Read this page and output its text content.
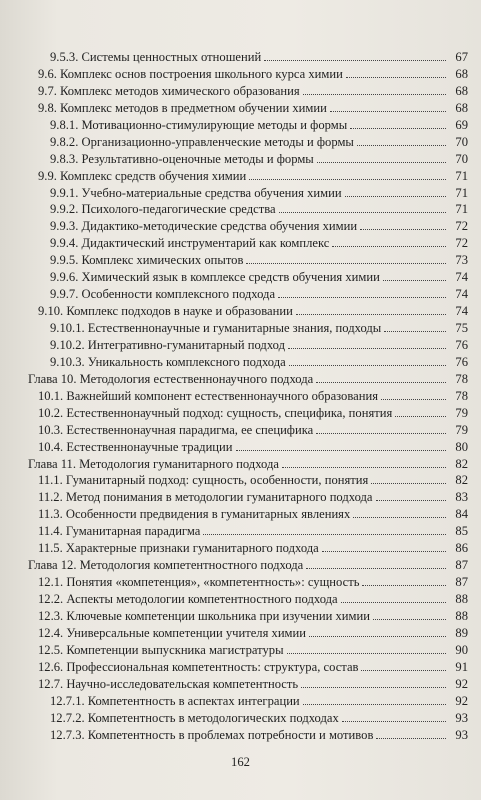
9.5.3. Системы ценностных отношений	67
9.6. Комплекс основ построения школьного курса химии	68
9.7. Комплекс методов химического образования	68
9.8. Комплекс методов в предметном обучении химии	68
9.8.1. Мотивационно-стимулирующие методы и формы	69
9.8.2. Организационно-управленческие методы и формы	70
9.8.3. Результативно-оценочные методы и формы	70
9.9. Комплекс средств обучения химии	71
9.9.1. Учебно-материальные средства обучения химии	71
9.9.2. Психолого-педагогические средства	71
9.9.3. Дидактико-методические средства обучения химии	72
9.9.4. Дидактический инструментарий как комплекс	72
9.9.5. Комплекс химических опытов	73
9.9.6. Химический язык в комплексе средств обучения химии	74
9.9.7. Особенности комплексного подхода	74
9.10. Комплекс подходов в науке и образовании	74
9.10.1. Естественнонаучные и гуманитарные знания, подходы	75
9.10.2. Интегративно-гуманитарный подход	76
9.10.3. Уникальность комплексного подхода	76
Глава 10. Методология естественнонаучного подхода	78
10.1. Важнейший компонент естественнонаучного образования	78
10.2. Естественнонаучный подход: сущность, специфика, понятия	79
10.3. Естественнонаучная парадигма, ее специфика	79
10.4. Естественнонаучные традиции	80
Глава 11. Методология гуманитарного подхода	82
11.1. Гуманитарный подход: сущность, особенности, понятия	82
11.2. Метод понимания в методологии гуманитарного подхода	83
11.3. Особенности предвидения в гуманитарных явлениях	84
11.4. Гуманитарная парадигма	85
11.5. Характерные признаки гуманитарного подхода	86
Глава 12. Методология компетентностного подхода	87
12.1. Понятия «компетенция», «компетентность»: сущность	87
12.2. Аспекты методологии компетентностного подхода	88
12.3. Ключевые компетенции школьника при изучении химии	88
12.4. Универсальные компетенции учителя химии	89
12.5. Компетенции выпускника магистратуры	90
12.6. Профессиональная компетентность: структура, состав	91
12.7. Научно-исследовательская компетентность	92
12.7.1. Компетентность в аспектах интеграции	92
12.7.2. Компетентность в методологических подходах	93
12.7.3. Компетентность в проблемах потребности и мотивов	93
162
